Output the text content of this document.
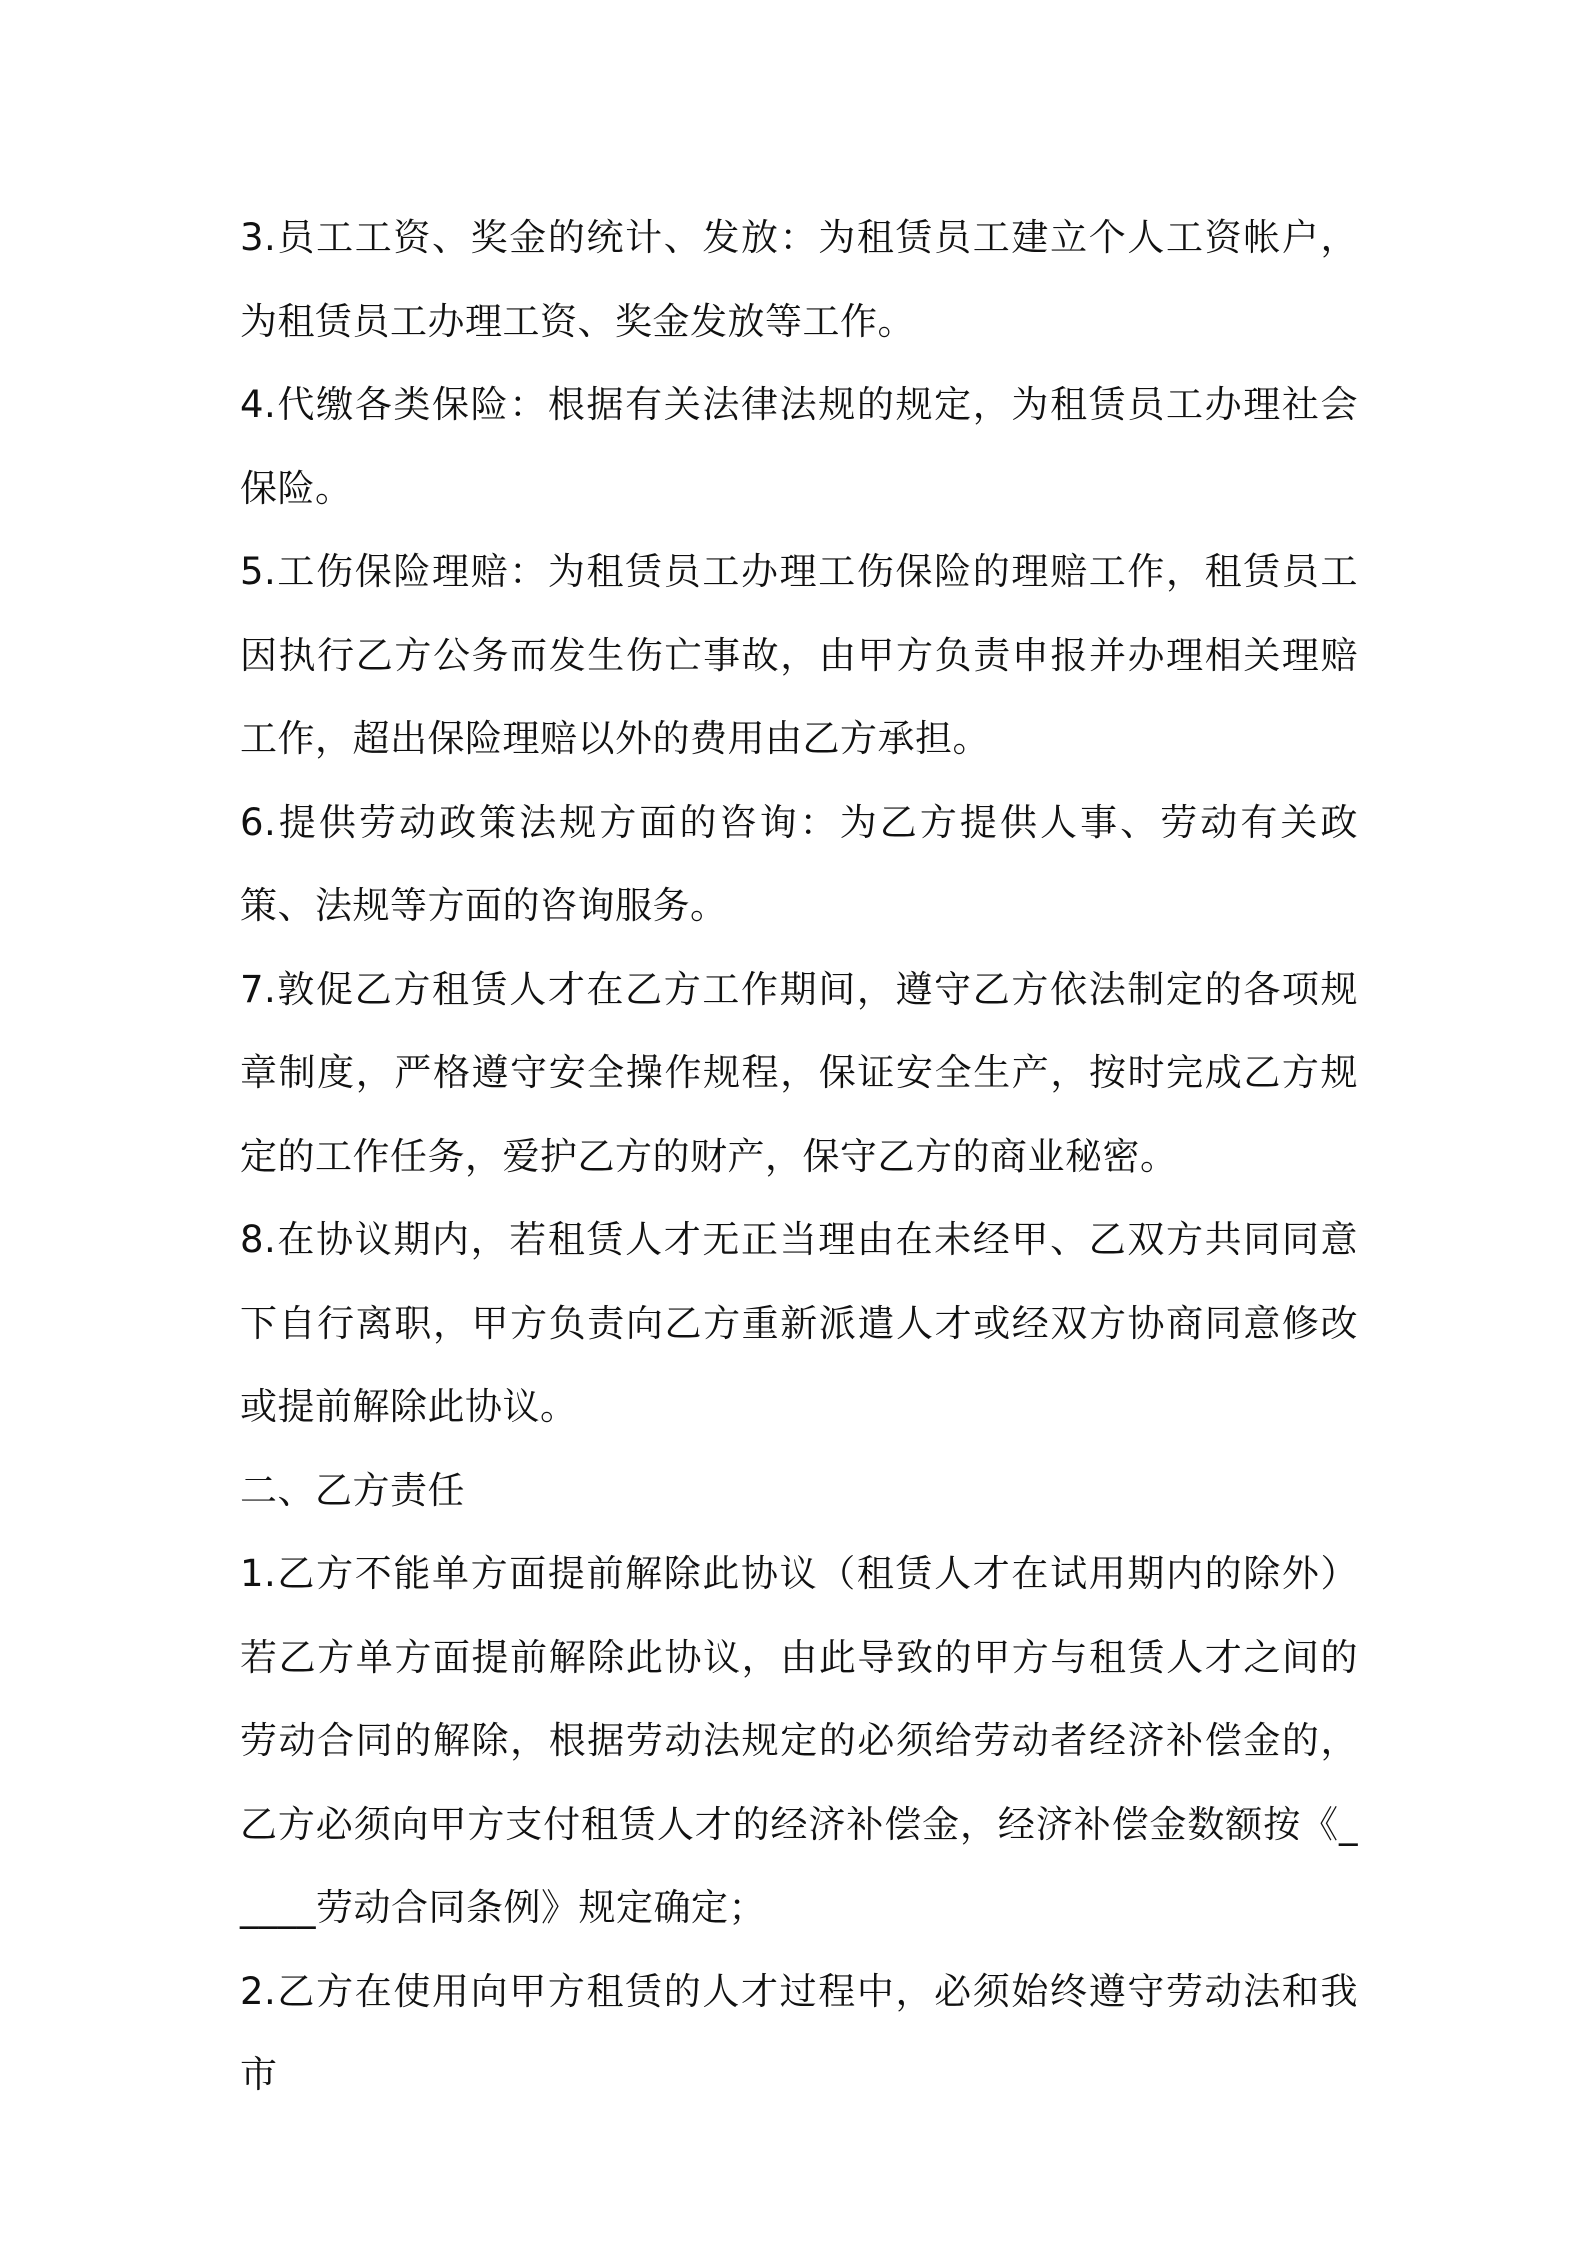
3.员工工资、奖金的统计、发放：为租赁员工建立个人工资帐户，为租赁员工办理工资、奖金发放等工作。

4.代缴各类保险：根据有关法律法规的规定，为租赁员工办理社会保险。

5.工伤保险理赔：为租赁员工办理工伤保险的理赔工作，租赁员工因执行乙方公务而发生伤亡事故，由甲方负责申报并办理相关理赔工作，超出保险理赔以外的费用由乙方承担。

6.提供劳动政策法规方面的咨询：为乙方提供人事、劳动有关政策、法规等方面的咨询服务。

7.敦促乙方租赁人才在乙方工作期间，遵守乙方依法制定的各项规章制度，严格遵守安全操作规程，保证安全生产，按时完成乙方规定的工作任务，爱护乙方的财产，保守乙方的商业秘密。

8.在协议期内，若租赁人才无正当理由在未经甲、乙双方共同同意下自行离职，甲方负责向乙方重新派遣人才或经双方协商同意修改或提前解除此协议。

二、乙方责任

1.乙方不能单方面提前解除此协议（租赁人才在试用期内的除外）若乙方单方面提前解除此协议，由此导致的甲方与租赁人才之间的劳动合同的解除，根据劳动法规定的必须给劳动者经济补偿金的，乙方必须向甲方支付租赁人才的经济补偿金，经济补偿金数额按《_____劳动合同条例》规定确定；

2.乙方在使用向甲方租赁的人才过程中，必须始终遵守劳动法和我市
